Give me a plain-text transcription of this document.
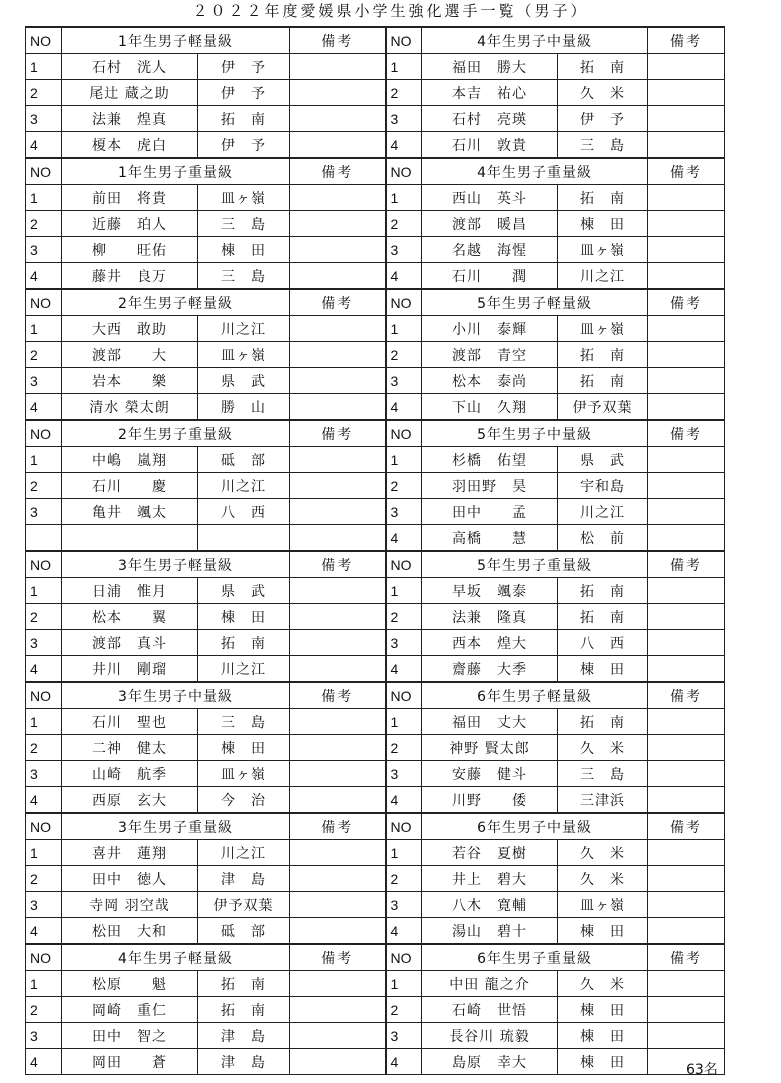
２０２２年度愛媛県小学生強化選手一覧（男子）
NO	1年生男子軽量級		備考	NO	4年生男子中量級		備考
1	石村　洸人	伊　予		1	福田　勝大	拓　南	
2	尾辻 蔵之助	伊　予		2	本吉　祐心	久　米	
3	法兼　煌真	拓　南		3	石村　亮瑛	伊　予	
4	榎本　虎白	伊　予		4	石川　敦貴	三　島	
NO	1年生男子重量級		備考	NO	4年生男子重量級		備考
1	前田　将貴	皿ヶ嶺		1	西山　英斗	拓　南	
2	近藤　珀人	三　島		2	渡部　暖昌	棟　田	
3	柳　　旺佑	棟　田		3	名越　海惺	皿ヶ嶺	
4	藤井　良万	三　島		4	石川　　潤	川之江	
NO	2年生男子軽量級		備考	NO	5年生男子軽量級		備考
1	大西　敢助	川之江		1	小川　泰輝	皿ヶ嶺	
2	渡部　　大	皿ヶ嶺		2	渡部　青空	拓　南	
3	岩本　　樂	県　武		3	松本　泰尚	拓　南	
4	清水 榮太朗	勝　山		4	下山　久翔	伊予双葉	
NO	2年生男子重量級		備考	NO	5年生男子中量級		備考
1	中嶋　嵐翔	砥　部		1	杉橋　佑望	県　武	
2	石川　　慶	川之江		2	羽田野　昊	宇和島	
3	亀井　颯太	八　西		3	田中　　孟	川之江	
				4	高橋　　慧	松　前	
NO	3年生男子軽量級		備考	NO	5年生男子重量級		備考
1	日浦　惟月	県　武		1	早坂　颯泰	拓　南	
2	松本　　翼	棟　田		2	法兼　隆真	拓　南	
3	渡部　真斗	拓　南		3	西本　煌大	八　西	
4	井川　剛瑠	川之江		4	齋藤　大季	棟　田	
NO	3年生男子中量級		備考	NO	6年生男子軽量級		備考
1	石川　聖也	三　島		1	福田　丈大	拓　南	
2	二神　健太	棟　田		2	神野 賢太郎	久　米	
3	山崎　航季	皿ヶ嶺		3	安藤　健斗	三　島	
4	西原　玄大	今　治		4	川野　　倭	三津浜	
NO	3年生男子重量級		備考	NO	6年生男子中量級		備考
1	喜井　蓮翔	川之江		1	若谷　夏樹	久　米	
2	田中　徳人	津　島		2	井上　碧大	久　米	
3	寺岡 羽空哉	伊予双葉		3	八木　寛輔	皿ヶ嶺	
4	松田　大和	砥　部		4	湯山　碧十	棟　田	
NO	4年生男子軽量級		備考	NO	6年生男子重量級		備考
1	松原　　魁	拓　南		1	中田 龍之介	久　米	
2	岡崎　重仁	拓　南		2	石崎　世悟	棟　田	
3	田中　智之	津　島		3	長谷川 琉毅	棟　田	
4	岡田　　蒼	津　島		4	島原　幸大	棟　田		63名
